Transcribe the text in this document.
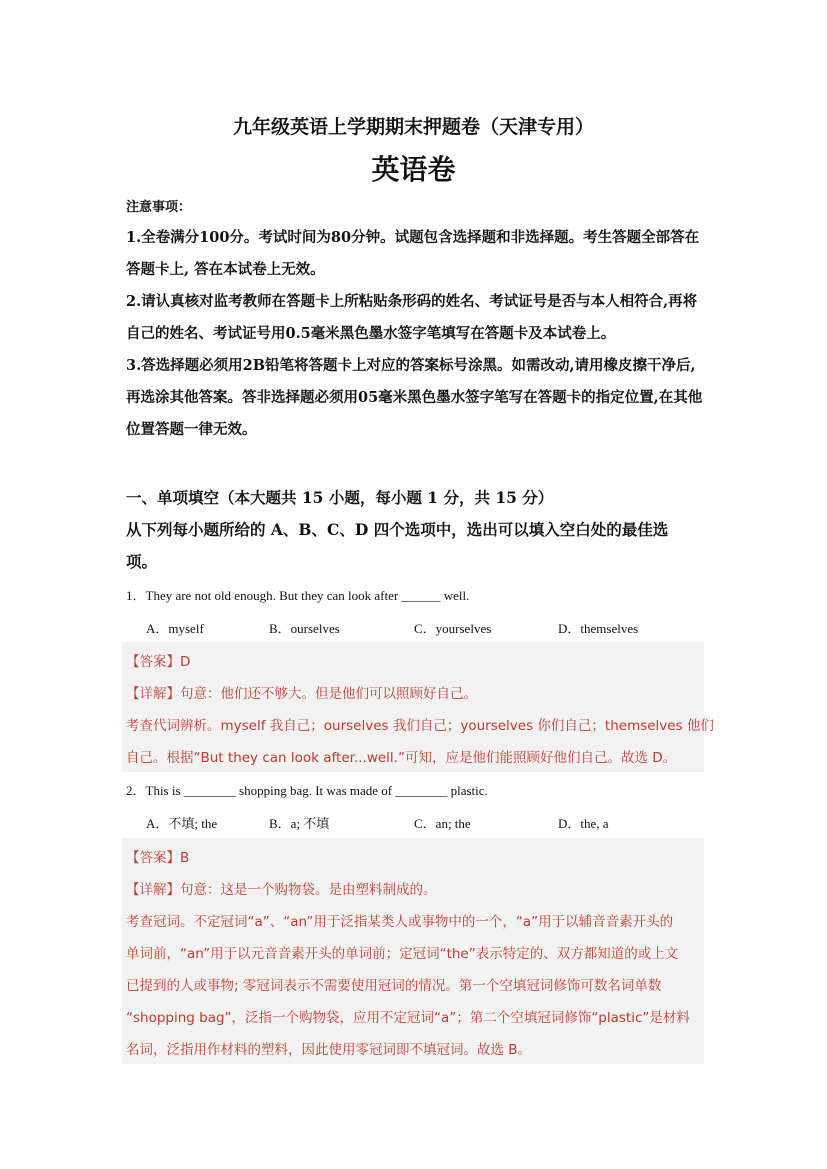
九年级英语上学期期末押题卷（天津专用）
英语卷
注意事项：
1.全卷满分100分。考试时间为80分钟。试题包含选择题和非选择题。考生答题全部答在
答题卡上, 答在本试卷上无效。
2.请认真核对监考教师在答题卡上所粘贴条形码的姓名、考试证号是否与本人相符合,再将
自己的姓名、考试证号用0.5毫米黑色墨水签字笔填写在答题卡及本试卷上。
3.答选择题必须用2B铅笔将答题卡上对应的答案标号涂黑。如需改动,请用橡皮擦干净后,
再选涂其他答案。答非选择题必须用05毫米黑色墨水签字笔写在答题卡的指定位置,在其他
位置答题一律无效。
一、单项填空（本大题共 15 小题，每小题 1 分，共 15 分）
从下列每小题所给的 A、B、C、D 四个选项中，选出可以填入空白处的最佳选
项。
1．They are not old enough. But they can look after ______ well.
A．myself	B．ourselves	C．yourselves	D．themselves
【答案】D
【详解】句意：他们还不够大。但是他们可以照顾好自己。
考查代词辨析。myself 我自己；ourselves 我们自己；yourselves 你们自己；themselves 他们
自己。根据“But they can look after...well.”可知，应是他们能照顾好他们自己。故选 D。
2．This is ________ shopping bag. It was made of ________ plastic.
A．不填; the	B．a; 不填	C．an; the	D．the, a
【答案】B
【详解】句意：这是一个购物袋。是由塑料制成的。
考查冠词。不定冠词“a”、“an”用于泛指某类人或事物中的一个，“a”用于以辅音音素开头的
单词前，“an”用于以元音音素开头的单词前；定冠词“the”表示特定的、双方都知道的或上文
已提到的人或事物; 零冠词表示不需要使用冠词的情况。第一个空填冠词修饰可数名词单数
“shopping bag”，泛指一个购物袋，应用不定冠词“a”；第二个空填冠词修饰“plastic”是材料
名词，泛指用作材料的塑料，因此使用零冠词即不填冠词。故选 B。
